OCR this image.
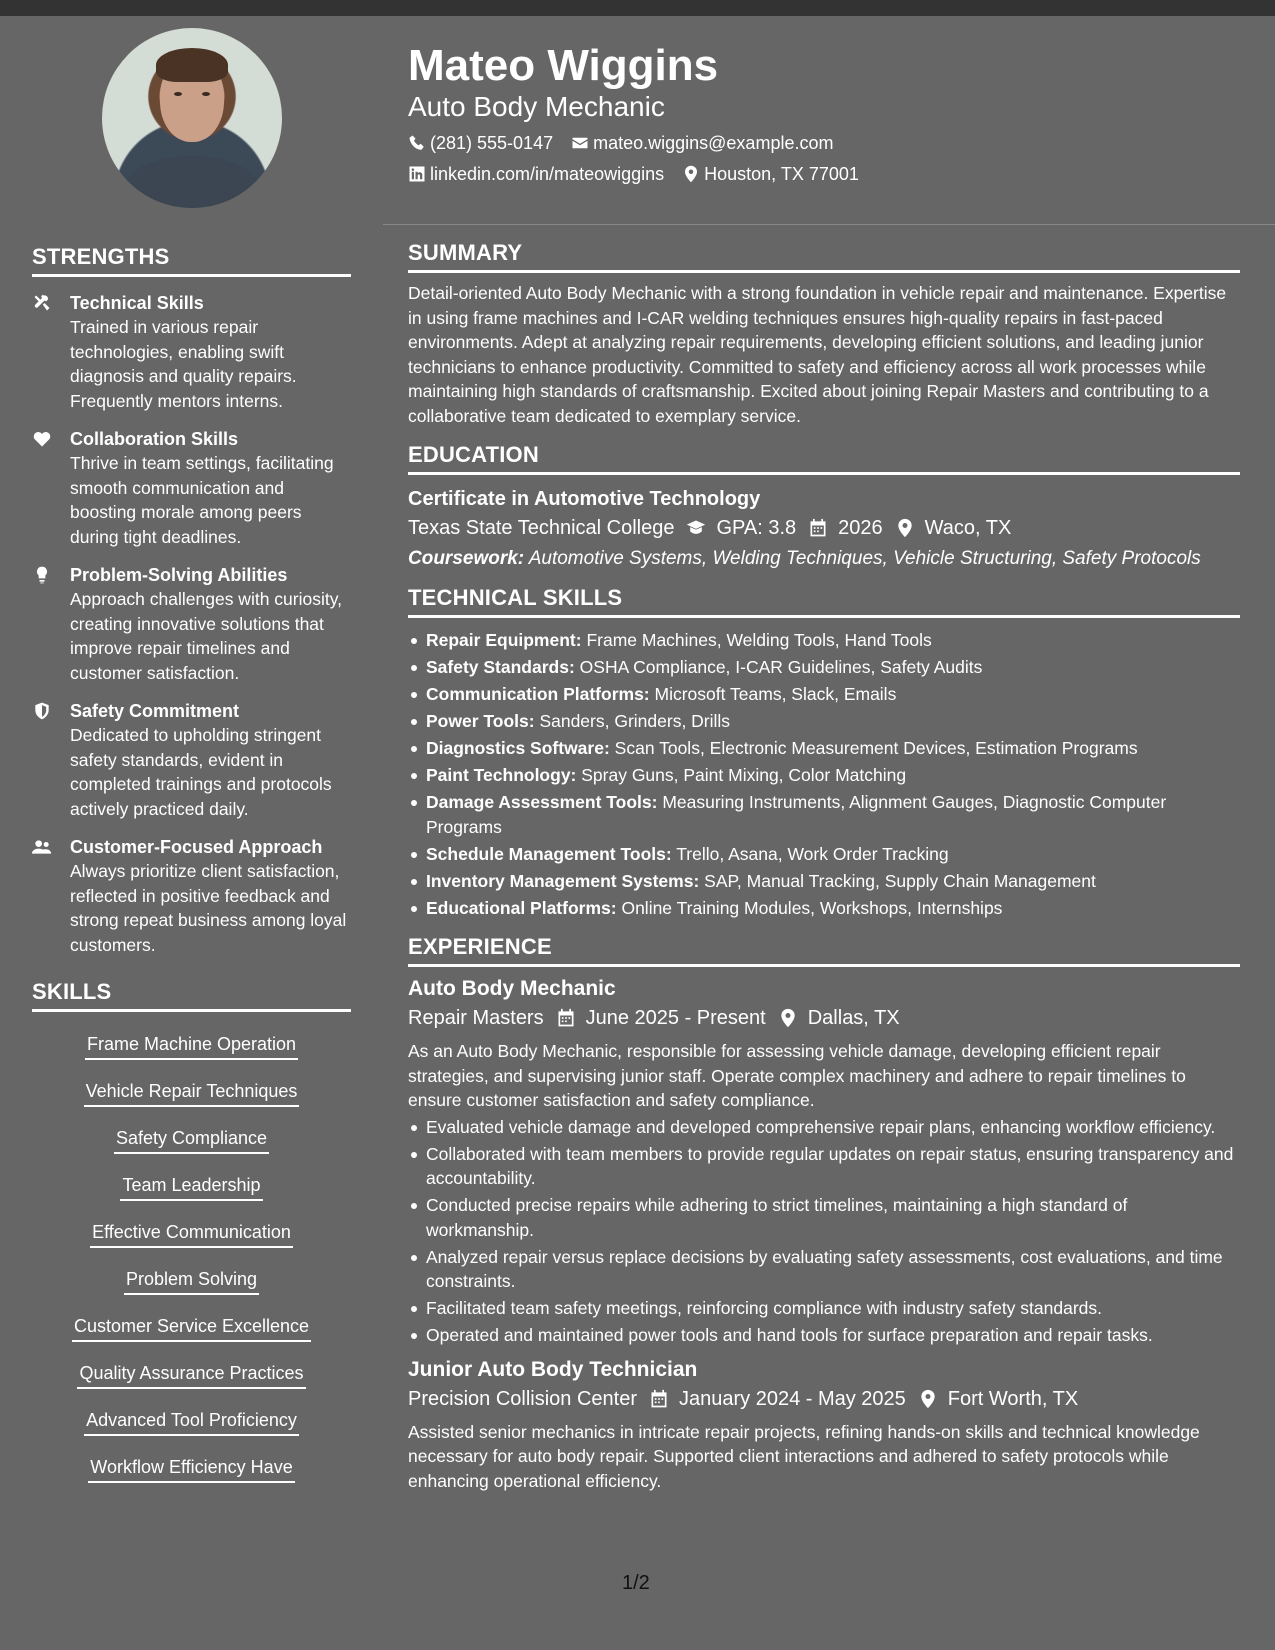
STRENGTHS
Technical Skills
Trained in various repair technologies, enabling swift diagnosis and quality repairs. Frequently mentors interns.
Collaboration Skills
Thrive in team settings, facilitating smooth communication and boosting morale among peers during tight deadlines.
Problem-Solving Abilities
Approach challenges with curiosity, creating innovative solutions that improve repair timelines and customer satisfaction.
Safety Commitment
Dedicated to upholding stringent safety standards, evident in completed trainings and protocols actively practiced daily.
Customer-Focused Approach
Always prioritize client satisfaction, reflected in positive feedback and strong repeat business among loyal customers.
SKILLS
Frame Machine Operation
Vehicle Repair Techniques
Safety Compliance
Team Leadership
Effective Communication
Problem Solving
Customer Service Excellence
Quality Assurance Practices
Advanced Tool Proficiency
Workflow Efficiency Have
Mateo Wiggins
Auto Body Mechanic
(281) 555-0147 mateo.wiggins@example.com
linkedin.com/in/mateowiggins Houston, TX 77001
SUMMARY
Detail-oriented Auto Body Mechanic with a strong foundation in vehicle repair and maintenance. Expertise in using frame machines and I-CAR welding techniques ensures high-quality repairs in fast-paced environments. Adept at analyzing repair requirements, developing efficient solutions, and leading junior technicians to enhance productivity. Committed to safety and efficiency across all work processes while maintaining high standards of craftsmanship. Excited about joining Repair Masters and contributing to a collaborative team dedicated to exemplary service.
EDUCATION
Certificate in Automotive Technology
Texas State Technical College GPA: 3.8 2026 Waco, TX
Coursework: Automotive Systems, Welding Techniques, Vehicle Structuring, Safety Protocols
TECHNICAL SKILLS
Repair Equipment: Frame Machines, Welding Tools, Hand Tools
Safety Standards: OSHA Compliance, I-CAR Guidelines, Safety Audits
Communication Platforms: Microsoft Teams, Slack, Emails
Power Tools: Sanders, Grinders, Drills
Diagnostics Software: Scan Tools, Electronic Measurement Devices, Estimation Programs
Paint Technology: Spray Guns, Paint Mixing, Color Matching
Damage Assessment Tools: Measuring Instruments, Alignment Gauges, Diagnostic Computer Programs
Schedule Management Tools: Trello, Asana, Work Order Tracking
Inventory Management Systems: SAP, Manual Tracking, Supply Chain Management
Educational Platforms: Online Training Modules, Workshops, Internships
EXPERIENCE
Auto Body Mechanic
Repair Masters June 2025 - Present Dallas, TX
As an Auto Body Mechanic, responsible for assessing vehicle damage, developing efficient repair strategies, and supervising junior staff. Operate complex machinery and adhere to repair timelines to ensure customer satisfaction and safety compliance.
Evaluated vehicle damage and developed comprehensive repair plans, enhancing workflow efficiency.
Collaborated with team members to provide regular updates on repair status, ensuring transparency and accountability.
Conducted precise repairs while adhering to strict timelines, maintaining a high standard of workmanship.
Analyzed repair versus replace decisions by evaluating safety assessments, cost evaluations, and time constraints.
Facilitated team safety meetings, reinforcing compliance with industry safety standards.
Operated and maintained power tools and hand tools for surface preparation and repair tasks.
Junior Auto Body Technician
Precision Collision Center January 2024 - May 2025 Fort Worth, TX
Assisted senior mechanics in intricate repair projects, refining hands-on skills and technical knowledge necessary for auto body repair. Supported client interactions and adhered to safety protocols while enhancing operational efficiency.
1/2
